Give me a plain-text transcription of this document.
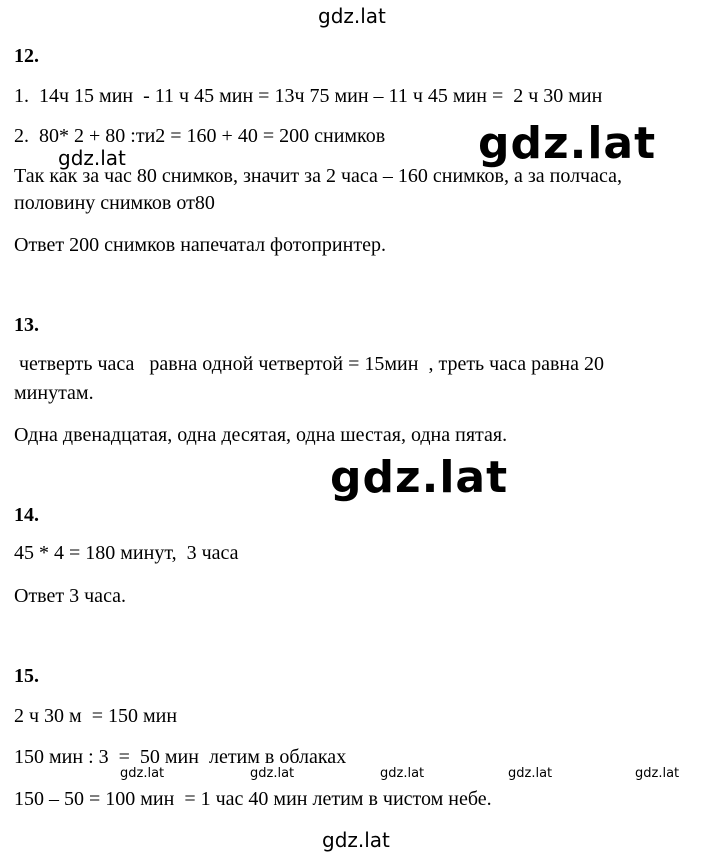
gdz.lat
gdz.lat
gdz.lat
gdz.lat
gdz.lat	gdz.lat	gdz.lat	gdz.lat	gdz.lat
gdz.lat
12.
1.  14ч 15 мин  - 11 ч 45 мин = 13ч 75 мин – 11 ч 45 мин =  2 ч 30 мин
2.  80* 2 + 80 :ти2 = 160 + 40 = 200 снимков
Так как за час 80 снимков, значит за 2 часа – 160 снимков, а за полчаса,
половину снимков от80
Ответ 200 снимков напечатал фотопринтер.
13.
четверть часа   равна одной четвертой = 15мин  , треть часа равна 20
минутам.
Одна двенадцатая, одна десятая, одна шестая, одна пятая.
14.
45 * 4 = 180 минут,  3 часа
Ответ 3 часа.
15.
2 ч 30 м  = 150 мин
150 мин : 3  =  50 мин  летим в облаках
150 – 50 = 100 мин  = 1 час 40 мин летим в чистом небе.
